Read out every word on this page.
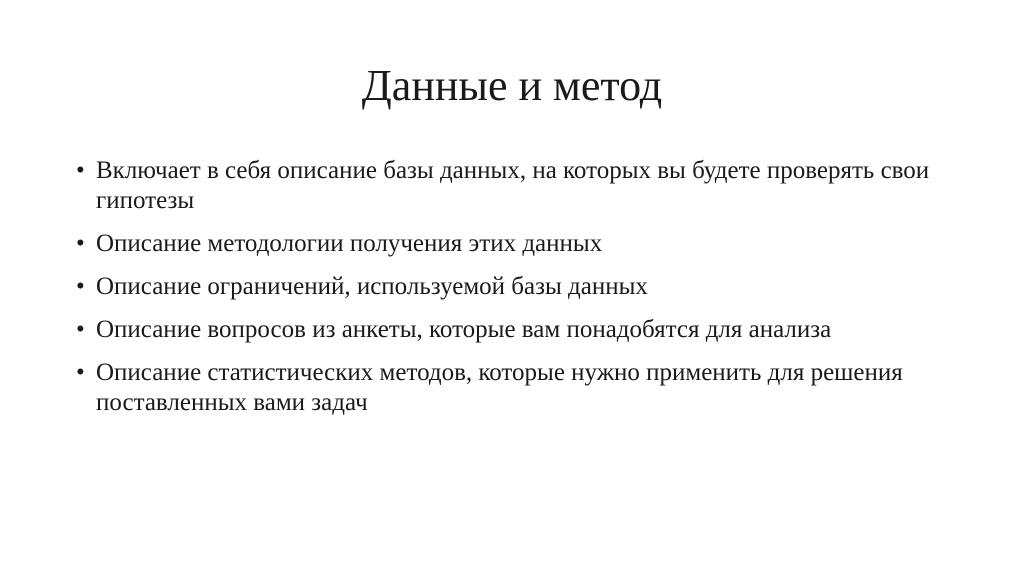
Данные и метод
• Включает в себя описание базы данных, на которых вы будете проверять свои гипотезы
• Описание методологии получения этих данных
• Описание ограничений, используемой базы данных
• Описание вопросов из анкеты, которые вам понадобятся для анализа
• Описание статистических методов, которые нужно применить для решения поставленных вами задач
